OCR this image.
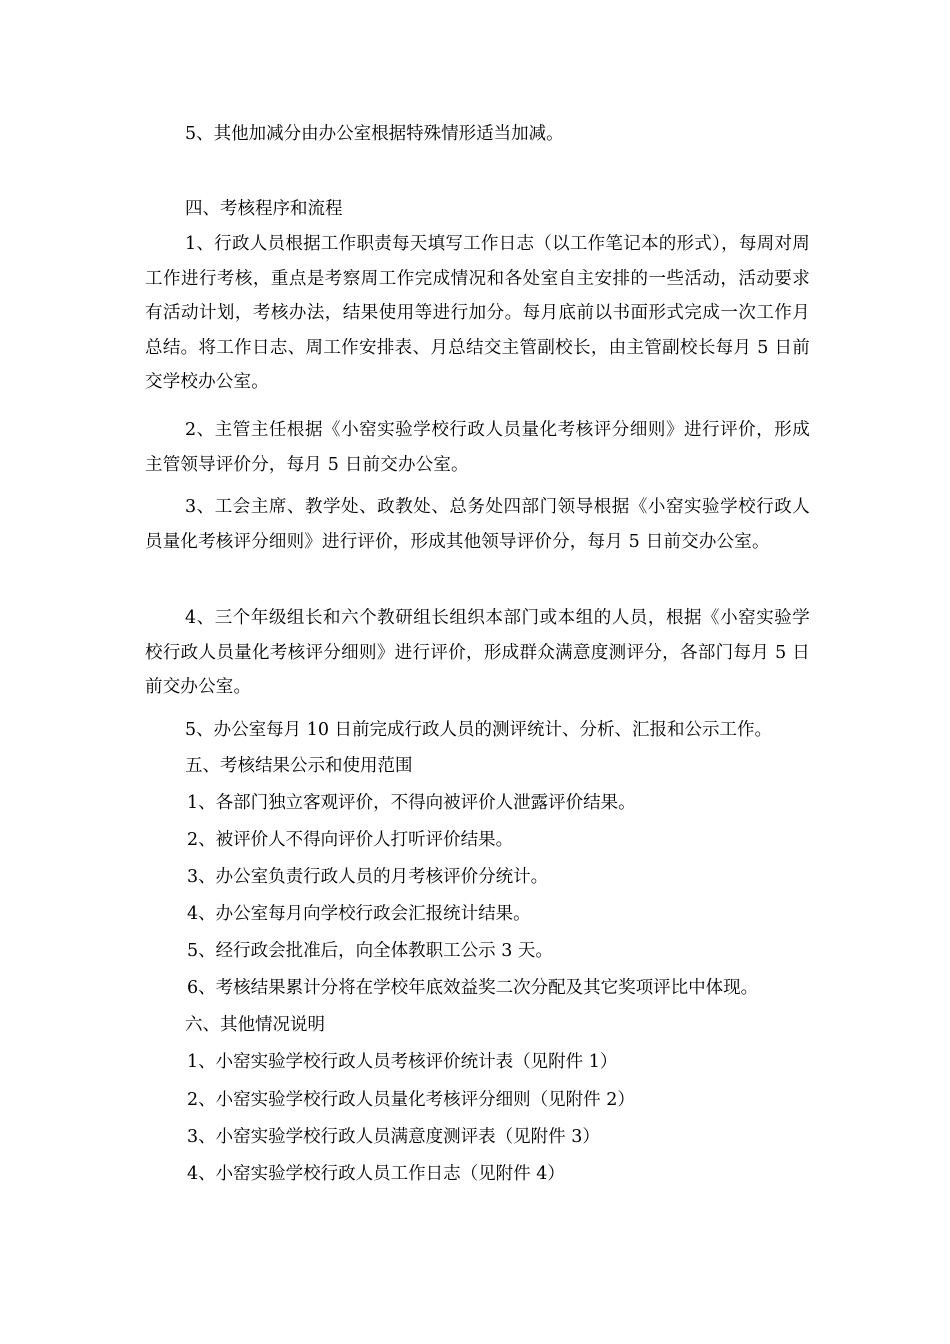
5、其他加减分由办公室根据特殊情形适当加减。

四、考核程序和流程

1、行政人员根据工作职责每天填写工作日志（以工作笔记本的形式），每周对周工作进行考核，重点是考察周工作完成情况和各处室自主安排的一些活动，活动要求有活动计划，考核办法，结果使用等进行加分。每月底前以书面形式完成一次工作月总结。将工作日志、周工作安排表、月总结交主管副校长，由主管副校长每月 5 日前交学校办公室。

2、主管主任根据《小窑实验学校行政人员量化考核评分细则》进行评价，形成主管领导评价分，每月 5 日前交办公室。

3、工会主席、教学处、政教处、总务处四部门领导根据《小窑实验学校行政人员量化考核评分细则》进行评价，形成其他领导评价分，每月 5 日前交办公室。

4、三个年级组长和六个教研组长组织本部门或本组的人员，根据《小窑实验学校行政人员量化考核评分细则》进行评价，形成群众满意度测评分，各部门每月 5 日前交办公室。

5、办公室每月 10 日前完成行政人员的测评统计、分析、汇报和公示工作。

五、考核结果公示和使用范围

1、各部门独立客观评价，不得向被评价人泄露评价结果。

2、被评价人不得向评价人打听评价结果。

3、办公室负责行政人员的月考核评价分统计。

4、办公室每月向学校行政会汇报统计结果。

5、经行政会批准后，向全体教职工公示 3 天。

6、考核结果累计分将在学校年底效益奖二次分配及其它奖项评比中体现。

六、其他情况说明

1、小窑实验学校行政人员考核评价统计表（见附件 1）

2、小窑实验学校行政人员量化考核评分细则（见附件 2）

3、小窑实验学校行政人员满意度测评表（见附件 3）

4、小窑实验学校行政人员工作日志（见附件 4）
